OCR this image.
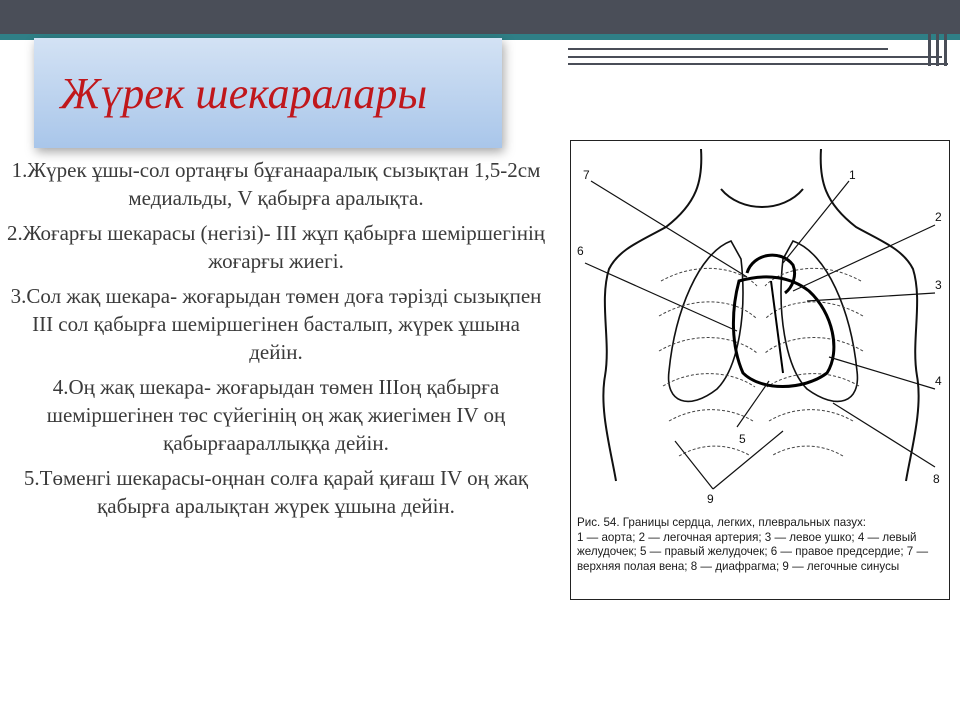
Жүрек шекаралары

1.Жүрек ұшы-сол ортаңғы бұғанааралық сызықтан 1,5-2см медиальды, V қабырға аралықта.

2.Жоғарғы шекарасы (негізі)- III жұп қабырға шеміршегінің жоғарғы жиегі.

3.Сол жақ шекара- жоғарыдан төмен доға тәрізді сызықпен III сол қабырға шеміршегінен басталып, жүрек ұшына дейін.

4.Оң жақ шекара- жоғарыдан төмен IIIоң қабырға шеміршегінен төс сүйегінің оң жақ жиегімен IV оң қабырғаараллыққа дейін.

5.Төменгі шекарасы-оңнан солға қарай қиғаш IV оң жақ қабырға аралықтан жүрек ұшына дейін.

7	1
2
6
3
4
5
8
9
Рис. 54. Границы сердца, легких, плевральных пазух:
1 — аорта; 2 — легочная артерия; 3 — левое ушко; 4 — левый желудочек; 5 — правый желудочек; 6 — правое предсердие; 7 — верхняя полая вена; 8 — диафрагма; 9 — легочные синусы
